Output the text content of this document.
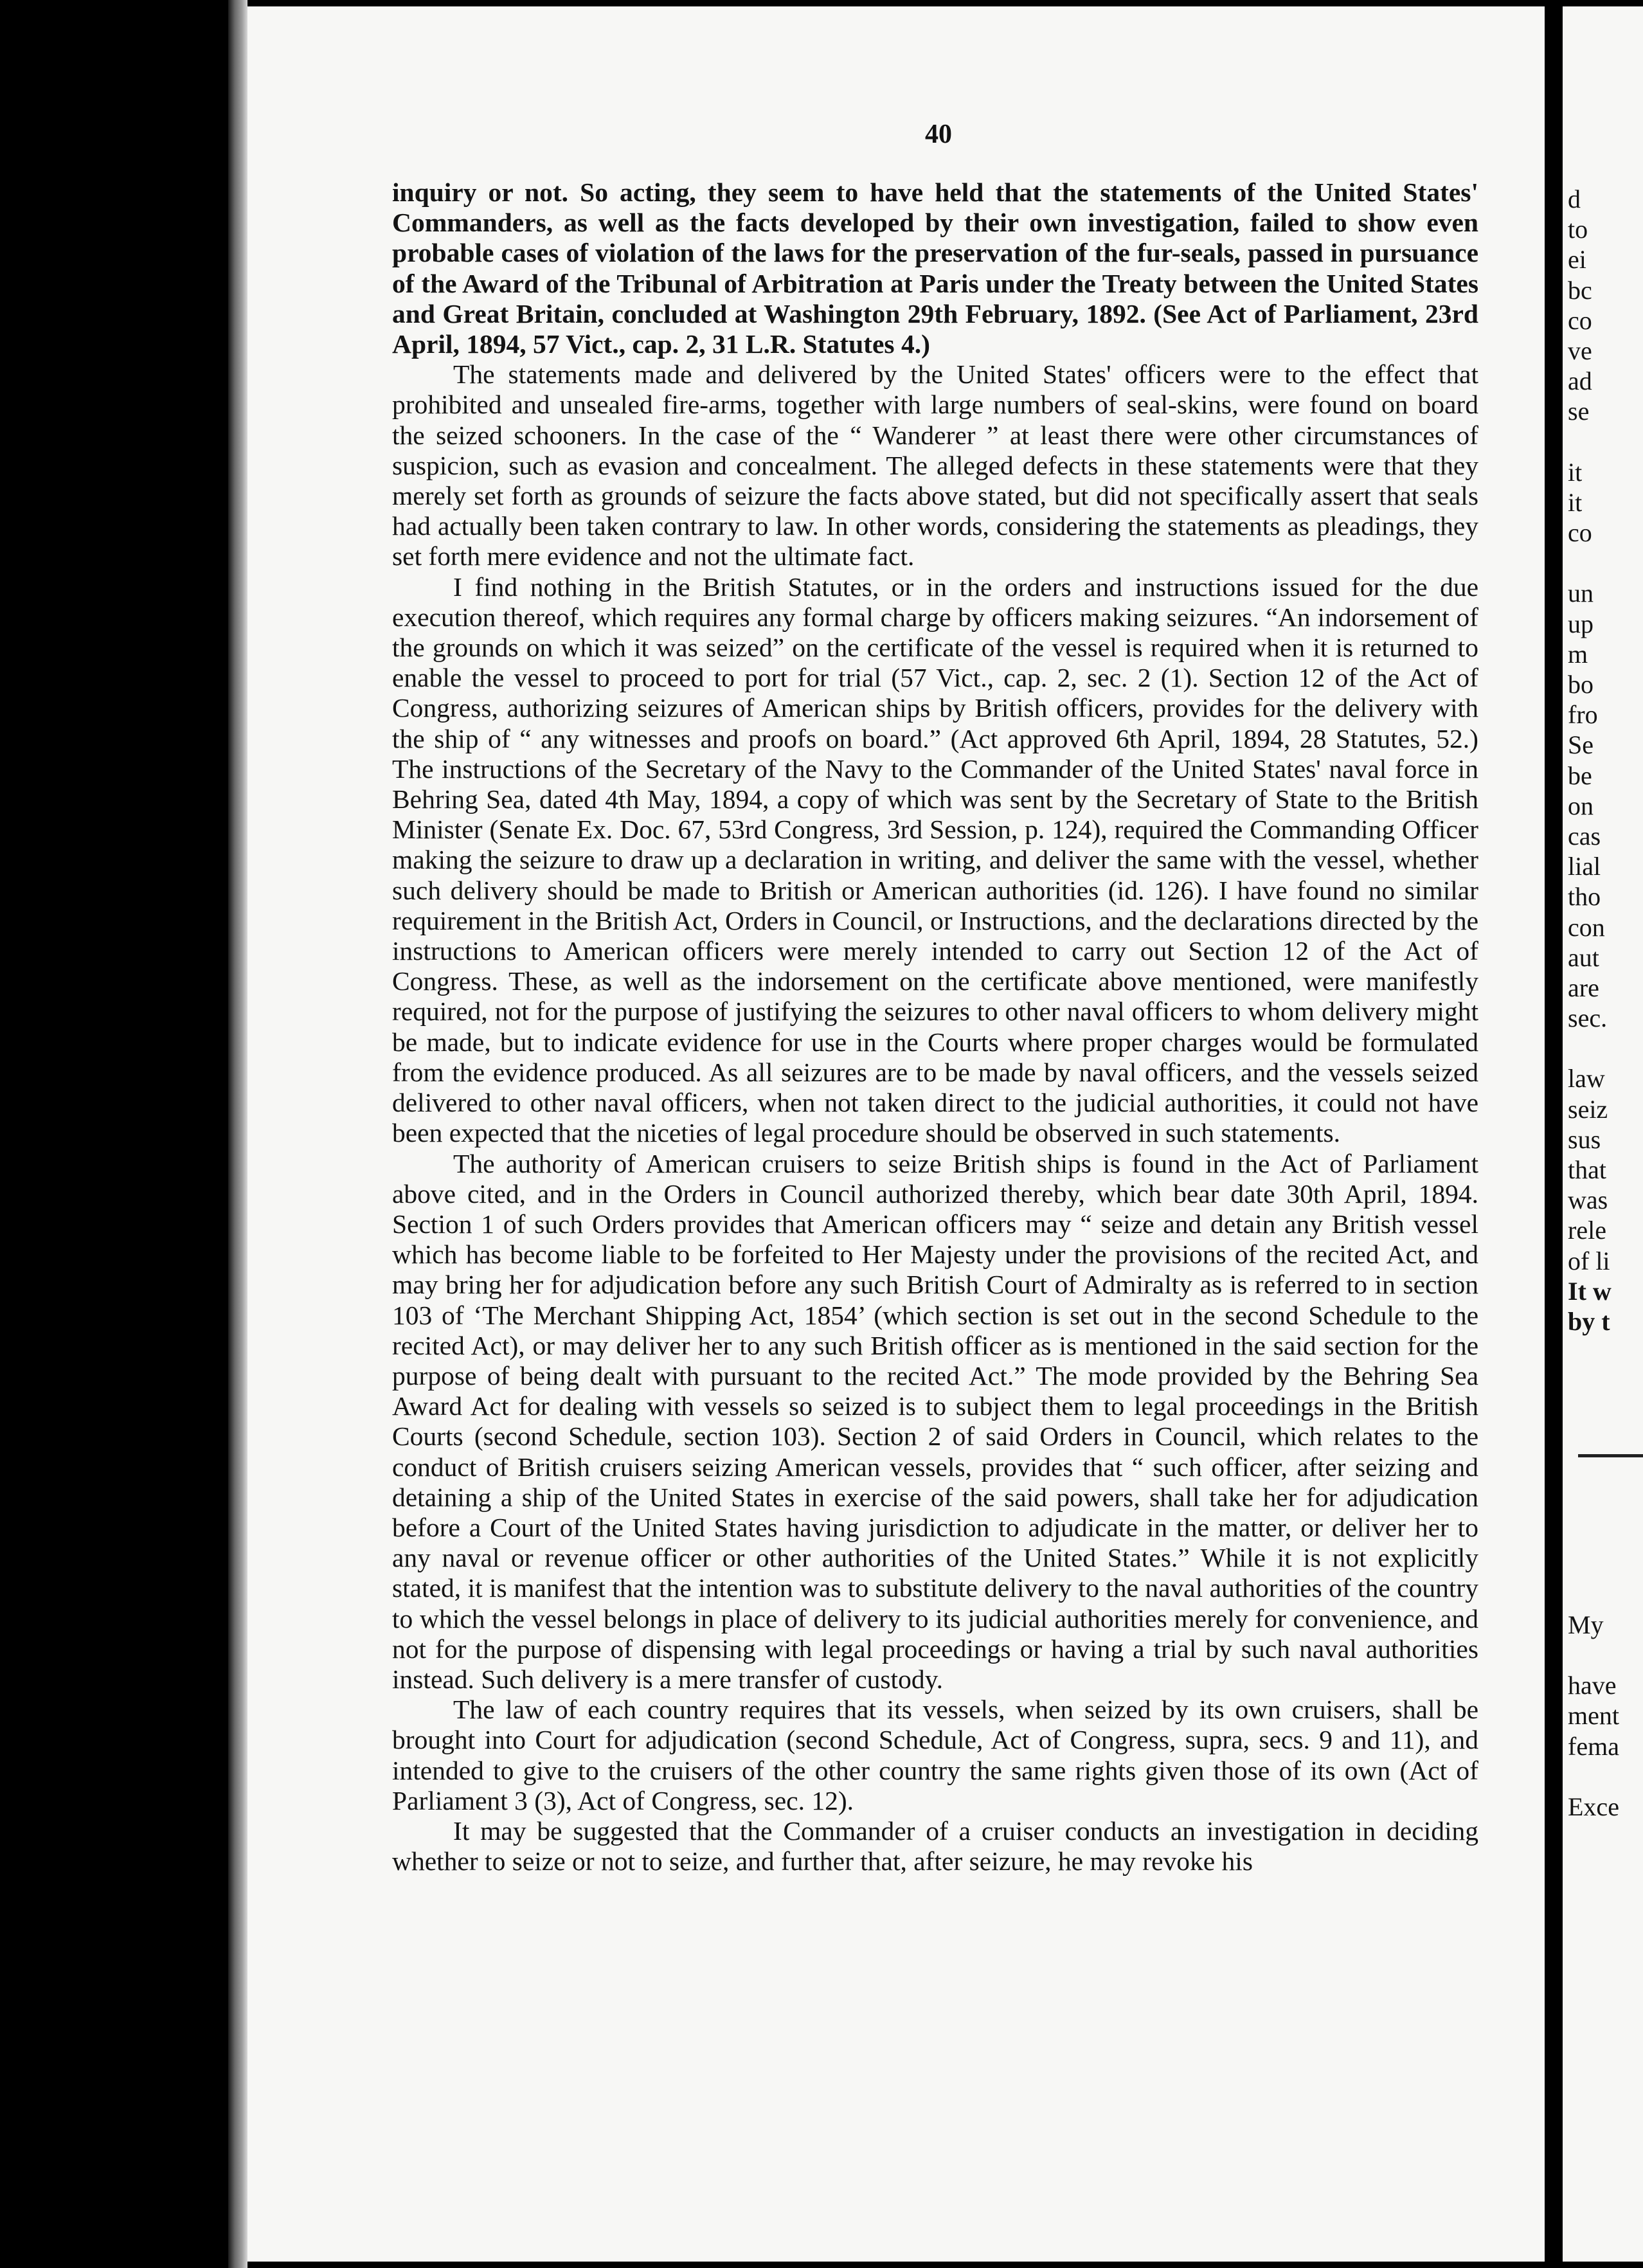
40

inquiry or not. So acting, they seem to have held that the statements of the United States' Commanders, as well as the facts developed by their own investigation, failed to show even probable cases of violation of the laws for the preservation of the fur-seals, passed in pursuance of the Award of the Tribunal of Arbitration at Paris under the Treaty between the United States and Great Britain, concluded at Washington 29th February, 1892. (See Act of Parliament, 23rd April, 1894, 57 Vict., cap. 2, 31 L.R. Statutes 4.)

The statements made and delivered by the United States' officers were to the effect that prohibited and unsealed fire-arms, together with large numbers of seal-skins, were found on board the seized schooners. In the case of the “ Wanderer ” at least there were other circumstances of suspicion, such as evasion and concealment. The alleged defects in these statements were that they merely set forth as grounds of seizure the facts above stated, but did not specifically assert that seals had actually been taken contrary to law. In other words, considering the statements as pleadings, they set forth mere evidence and not the ultimate fact.

I find nothing in the British Statutes, or in the orders and instructions issued for the due execution thereof, which requires any formal charge by officers making seizures. “An indorsement of the grounds on which it was seized” on the certificate of the vessel is required when it is returned to enable the vessel to proceed to port for trial (57 Vict., cap. 2, sec. 2 (1). Section 12 of the Act of Congress, authorizing seizures of American ships by British officers, provides for the delivery with the ship of “ any witnesses and proofs on board.” (Act approved 6th April, 1894, 28 Statutes, 52.) The instructions of the Secretary of the Navy to the Commander of the United States' naval force in Behring Sea, dated 4th May, 1894, a copy of which was sent by the Secretary of State to the British Minister (Senate Ex. Doc. 67, 53rd Congress, 3rd Session, p. 124), required the Commanding Officer making the seizure to draw up a declaration in writing, and deliver the same with the vessel, whether such delivery should be made to British or American authorities (id. 126). I have found no similar requirement in the British Act, Orders in Council, or Instructions, and the declarations directed by the instructions to American officers were merely intended to carry out Section 12 of the Act of Congress. These, as well as the indorsement on the certificate above mentioned, were manifestly required, not for the purpose of justifying the seizures to other naval officers to whom delivery might be made, but to indicate evidence for use in the Courts where proper charges would be formulated from the evidence produced. As all seizures are to be made by naval officers, and the vessels seized delivered to other naval officers, when not taken direct to the judicial authorities, it could not have been expected that the niceties of legal procedure should be observed in such statements.

The authority of American cruisers to seize British ships is found in the Act of Parliament above cited, and in the Orders in Council authorized thereby, which bear date 30th April, 1894. Section 1 of such Orders provides that American officers may “ seize and detain any British vessel which has become liable to be forfeited to Her Majesty under the provisions of the recited Act, and may bring her for adjudication before any such British Court of Admiralty as is referred to in section 103 of ‘The Merchant Shipping Act, 1854’ (which section is set out in the second Schedule to the recited Act), or may deliver her to any such British officer as is mentioned in the said section for the purpose of being dealt with pursuant to the recited Act.” The mode provided by the Behring Sea Award Act for dealing with vessels so seized is to subject them to legal proceedings in the British Courts (second Schedule, section 103). Section 2 of said Orders in Council, which relates to the conduct of British cruisers seizing American vessels, provides that “ such officer, after seizing and detaining a ship of the United States in exercise of the said powers, shall take her for adjudication before a Court of the United States having jurisdiction to adjudicate in the matter, or deliver her to any naval or revenue officer or other authorities of the United States.” While it is not explicitly stated, it is manifest that the intention was to substitute delivery to the naval authorities of the country to which the vessel belongs in place of delivery to its judicial authorities merely for convenience, and not for the purpose of dispensing with legal proceedings or having a trial by such naval authorities instead. Such delivery is a mere transfer of custody.

The law of each country requires that its vessels, when seized by its own cruisers, shall be brought into Court for adjudication (second Schedule, Act of Congress, supra, secs. 9 and 11), and intended to give to the cruisers of the other country the same rights given those of its own (Act of Parliament 3 (3), Act of Congress, sec. 12).

It may be suggested that the Commander of a cruiser conducts an investigation in deciding whether to seize or not to seize, and further that, after seizure, he may revoke his

d
to
ei
bc
co
ve
ad
se
it
it
co
un
up
m
bo
fro
Se
be
on
cas
lial
tho
con
aut
are
sec.
law
seiz
sus
that
was
rele
of li
It w
by t
My
have
ment
fema
Exce
